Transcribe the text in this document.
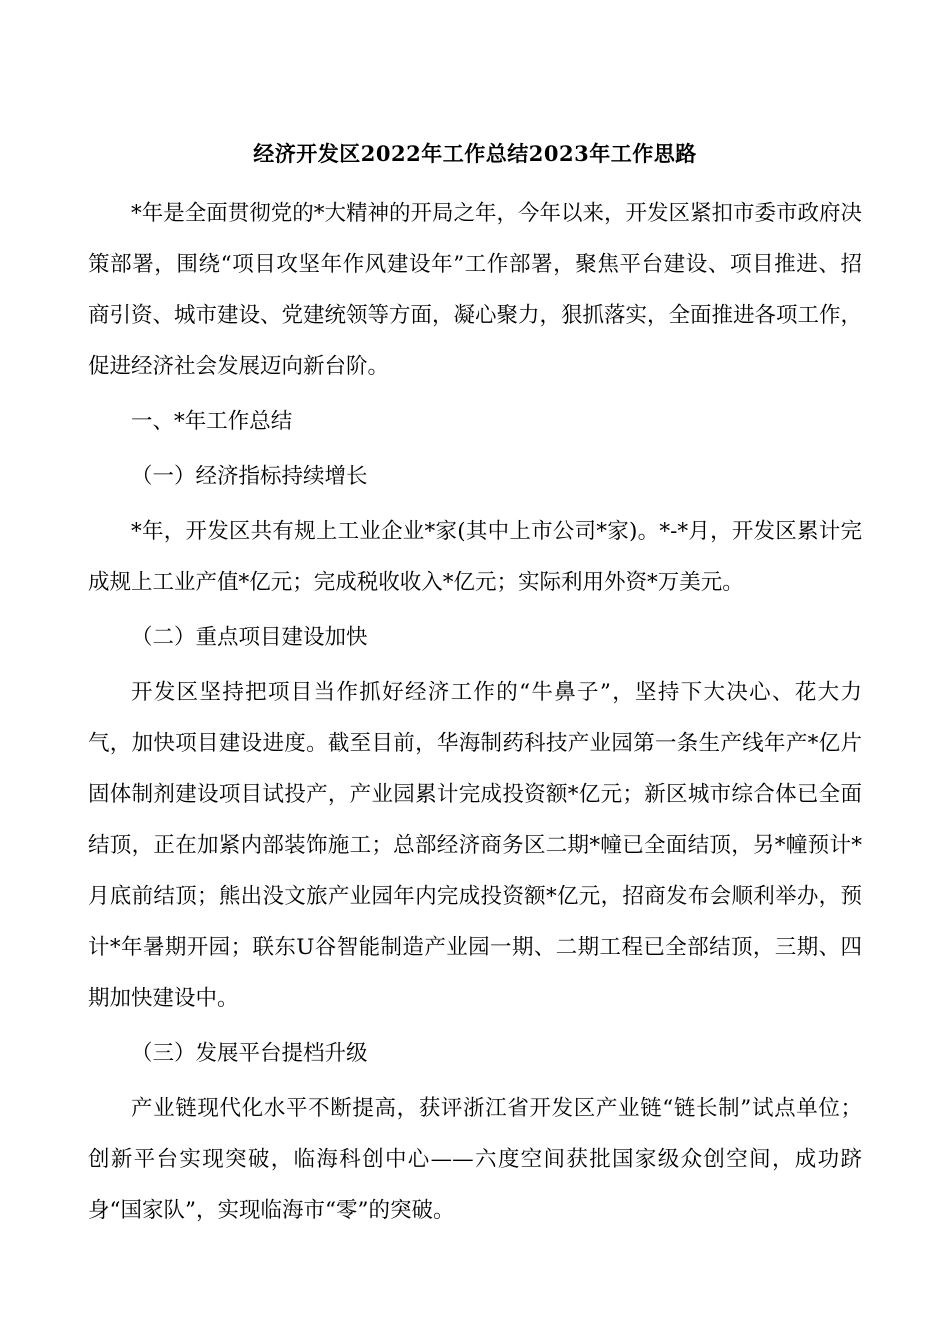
经济开发区2022年工作总结2023年工作思路

*年是全面贯彻党的*大精神的开局之年，今年以来，开发区紧扣市委市政府决策部署，围绕“项目攻坚年作风建设年”工作部署，聚焦平台建设、项目推进、招商引资、城市建设、党建统领等方面，凝心聚力，狠抓落实，全面推进各项工作，促进经济社会发展迈向新台阶。

一、*年工作总结

（一）经济指标持续增长

*年，开发区共有规上工业企业*家(其中上市公司*家)。*-*月，开发区累计完成规上工业产值*亿元；完成税收收入*亿元；实际利用外资*万美元。

（二）重点项目建设加快

开发区坚持把项目当作抓好经济工作的“牛鼻子”，坚持下大决心、花大力气，加快项目建设进度。截至目前，华海制药科技产业园第一条生产线年产*亿片固体制剂建设项目试投产，产业园累计完成投资额*亿元；新区城市综合体已全面结顶，正在加紧内部装饰施工；总部经济商务区二期*幢已全面结顶，另*幢预计*月底前结顶；熊出没文旅产业园年内完成投资额*亿元，招商发布会顺利举办，预计*年暑期开园；联东U谷智能制造产业园一期、二期工程已全部结顶，三期、四期加快建设中。

（三）发展平台提档升级

产业链现代化水平不断提高，获评浙江省开发区产业链“链长制”试点单位；创新平台实现突破，临海科创中心——六度空间获批国家级众创空间，成功跻身“国家队”，实现临海市“零”的突破。
